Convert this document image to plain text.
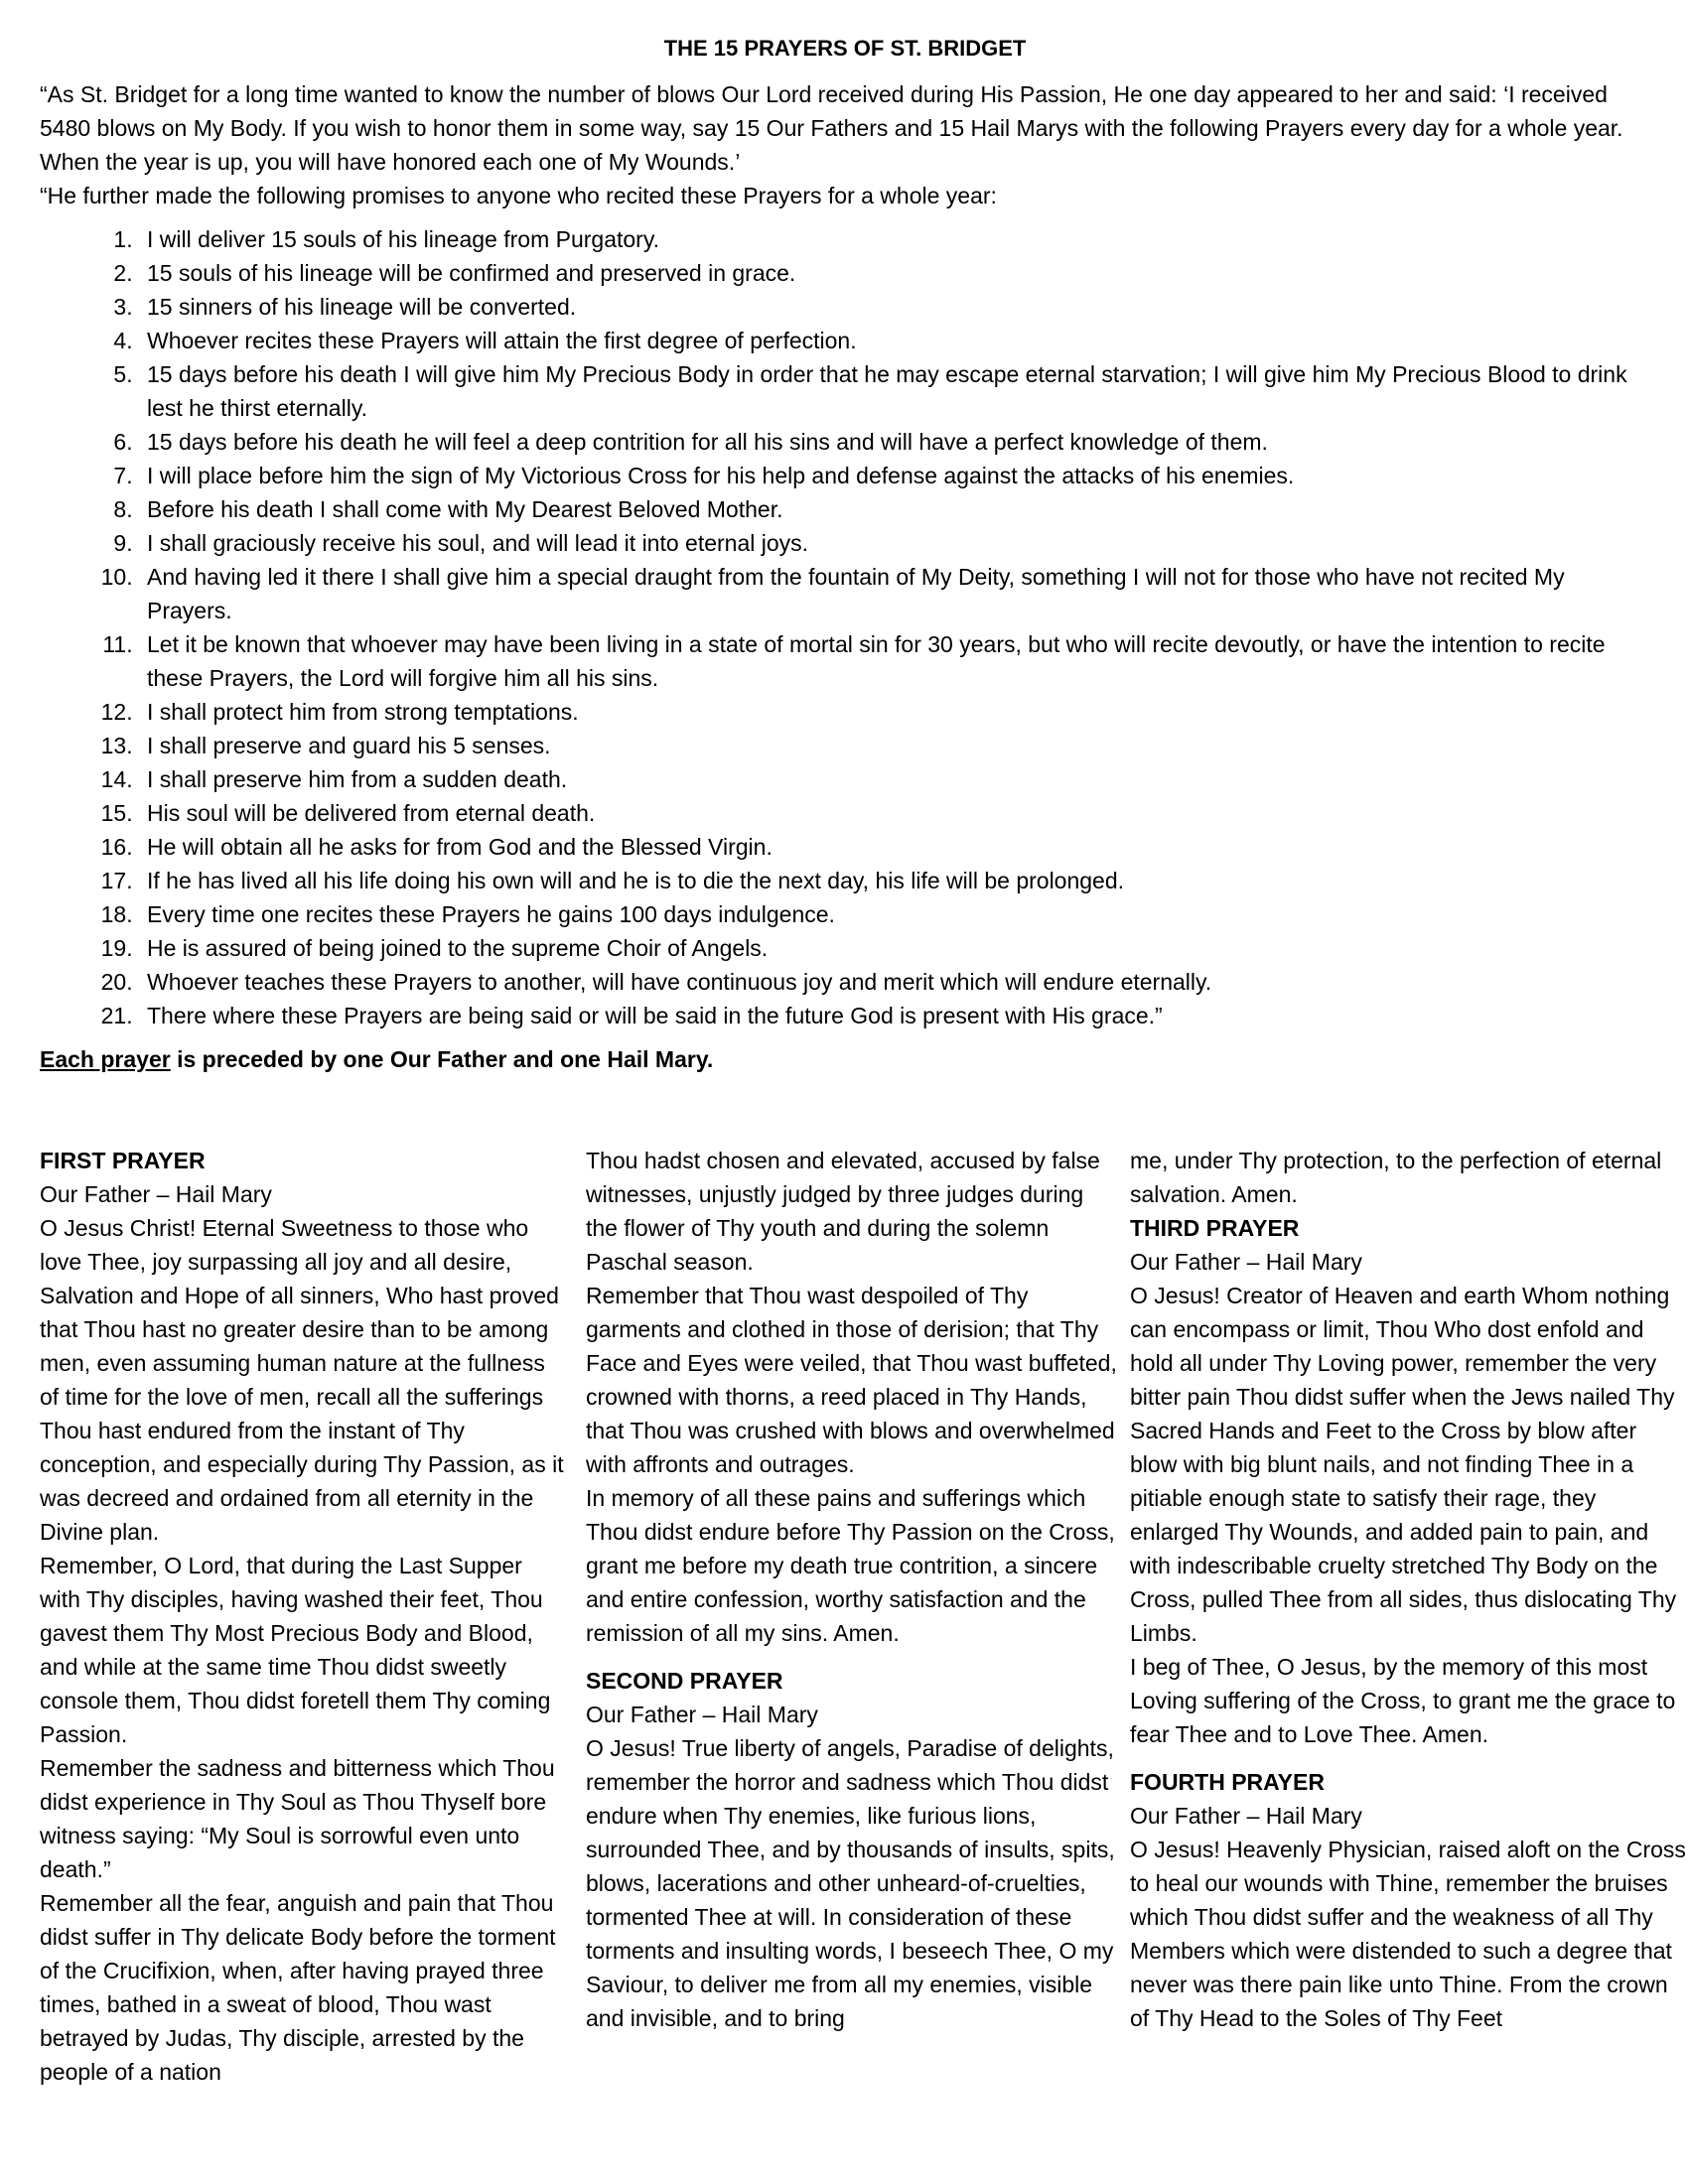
THE 15 PRAYERS OF ST. BRIDGET

“As St. Bridget for a long time wanted to know the number of blows Our Lord received during His Passion, He one day appeared to her and said: ‘I received 5480 blows on My Body. If you wish to honor them in some way, say 15 Our Fathers and 15 Hail Marys with the following Prayers every day for a whole year. When the year is up, you will have honored each one of My Wounds.’

“He further made the following promises to anyone who recited these Prayers for a whole year:

1. I will deliver 15 souls of his lineage from Purgatory.
2. 15 souls of his lineage will be confirmed and preserved in grace.
3. 15 sinners of his lineage will be converted.
4. Whoever recites these Prayers will attain the first degree of perfection.
5. 15 days before his death I will give him My Precious Body in order that he may escape eternal starvation; I will give him My Precious Blood to drink lest he thirst eternally.
6. 15 days before his death he will feel a deep contrition for all his sins and will have a perfect knowledge of them.
7. I will place before him the sign of My Victorious Cross for his help and defense against the attacks of his enemies.
8. Before his death I shall come with My Dearest Beloved Mother.
9. I shall graciously receive his soul, and will lead it into eternal joys.
10. And having led it there I shall give him a special draught from the fountain of My Deity, something I will not for those who have not recited My Prayers.
11. Let it be known that whoever may have been living in a state of mortal sin for 30 years, but who will recite devoutly, or have the intention to recite these Prayers, the Lord will forgive him all his sins.
12. I shall protect him from strong temptations.
13. I shall preserve and guard his 5 senses.
14. I shall preserve him from a sudden death.
15. His soul will be delivered from eternal death.
16. He will obtain all he asks for from God and the Blessed Virgin.
17. If he has lived all his life doing his own will and he is to die the next day, his life will be prolonged.
18. Every time one recites these Prayers he gains 100 days indulgence.
19. He is assured of being joined to the supreme Choir of Angels.
20. Whoever teaches these Prayers to another, will have continuous joy and merit which will endure eternally.
21. There where these Prayers are being said or will be said in the future God is present with His grace.”

Each prayer is preceded by one Our Father and one Hail Mary.

FIRST PRAYER

Our Father – Hail Mary

O Jesus Christ! Eternal Sweetness to those who love Thee, joy surpassing all joy and all desire, Salvation and Hope of all sinners, Who hast proved that Thou hast no greater desire than to be among men, even assuming human nature at the fullness of time for the love of men, recall all the sufferings Thou hast endured from the instant of Thy conception, and especially during Thy Passion, as it was decreed and ordained from all eternity in the Divine plan.

Remember, O Lord, that during the Last Supper with Thy disciples, having washed their feet, Thou gavest them Thy Most Precious Body and Blood, and while at the same time Thou didst sweetly console them, Thou didst foretell them Thy coming Passion.

Remember the sadness and bitterness which Thou didst experience in Thy Soul as Thou Thyself bore witness saying: “My Soul is sorrowful even unto death.”

Remember all the fear, anguish and pain that Thou didst suffer in Thy delicate Body before the torment of the Crucifixion, when, after having prayed three times, bathed in a sweat of blood, Thou wast betrayed by Judas, Thy disciple, arrested by the people of a nation

Thou hadst chosen and elevated, accused by false witnesses, unjustly judged by three judges during the flower of Thy youth and during the solemn Paschal season.

Remember that Thou wast despoiled of Thy garments and clothed in those of derision; that Thy Face and Eyes were veiled, that Thou wast buffeted, crowned with thorns, a reed placed in Thy Hands, that Thou was crushed with blows and overwhelmed with affronts and outrages.

In memory of all these pains and sufferings which Thou didst endure before Thy Passion on the Cross, grant me before my death true contrition, a sincere and entire confession, worthy satisfaction and the remission of all my sins. Amen.

SECOND PRAYER

Our Father – Hail Mary

O Jesus! True liberty of angels, Paradise of delights, remember the horror and sadness which Thou didst endure when Thy enemies, like furious lions, surrounded Thee, and by thousands of insults, spits, blows, lacerations and other unheard-of-cruelties, tormented Thee at will. In consideration of these torments and insulting words, I beseech Thee, O my Saviour, to deliver me from all my enemies, visible and invisible, and to bring

me, under Thy protection, to the perfection of eternal salvation. Amen.

THIRD PRAYER

Our Father – Hail Mary

O Jesus! Creator of Heaven and earth Whom nothing can encompass or limit, Thou Who dost enfold and hold all under Thy Loving power, remember the very bitter pain Thou didst suffer when the Jews nailed Thy Sacred Hands and Feet to the Cross by blow after blow with big blunt nails, and not finding Thee in a pitiable enough state to satisfy their rage, they enlarged Thy Wounds, and added pain to pain, and with indescribable cruelty stretched Thy Body on the Cross, pulled Thee from all sides, thus dislocating Thy Limbs.

I beg of Thee, O Jesus, by the memory of this most Loving suffering of the Cross, to grant me the grace to fear Thee and to Love Thee. Amen.

FOURTH PRAYER

Our Father – Hail Mary

O Jesus! Heavenly Physician, raised aloft on the Cross to heal our wounds with Thine, remember the bruises which Thou didst suffer and the weakness of all Thy Members which were distended to such a degree that never was there pain like unto Thine. From the crown of Thy Head to the Soles of Thy Feet
